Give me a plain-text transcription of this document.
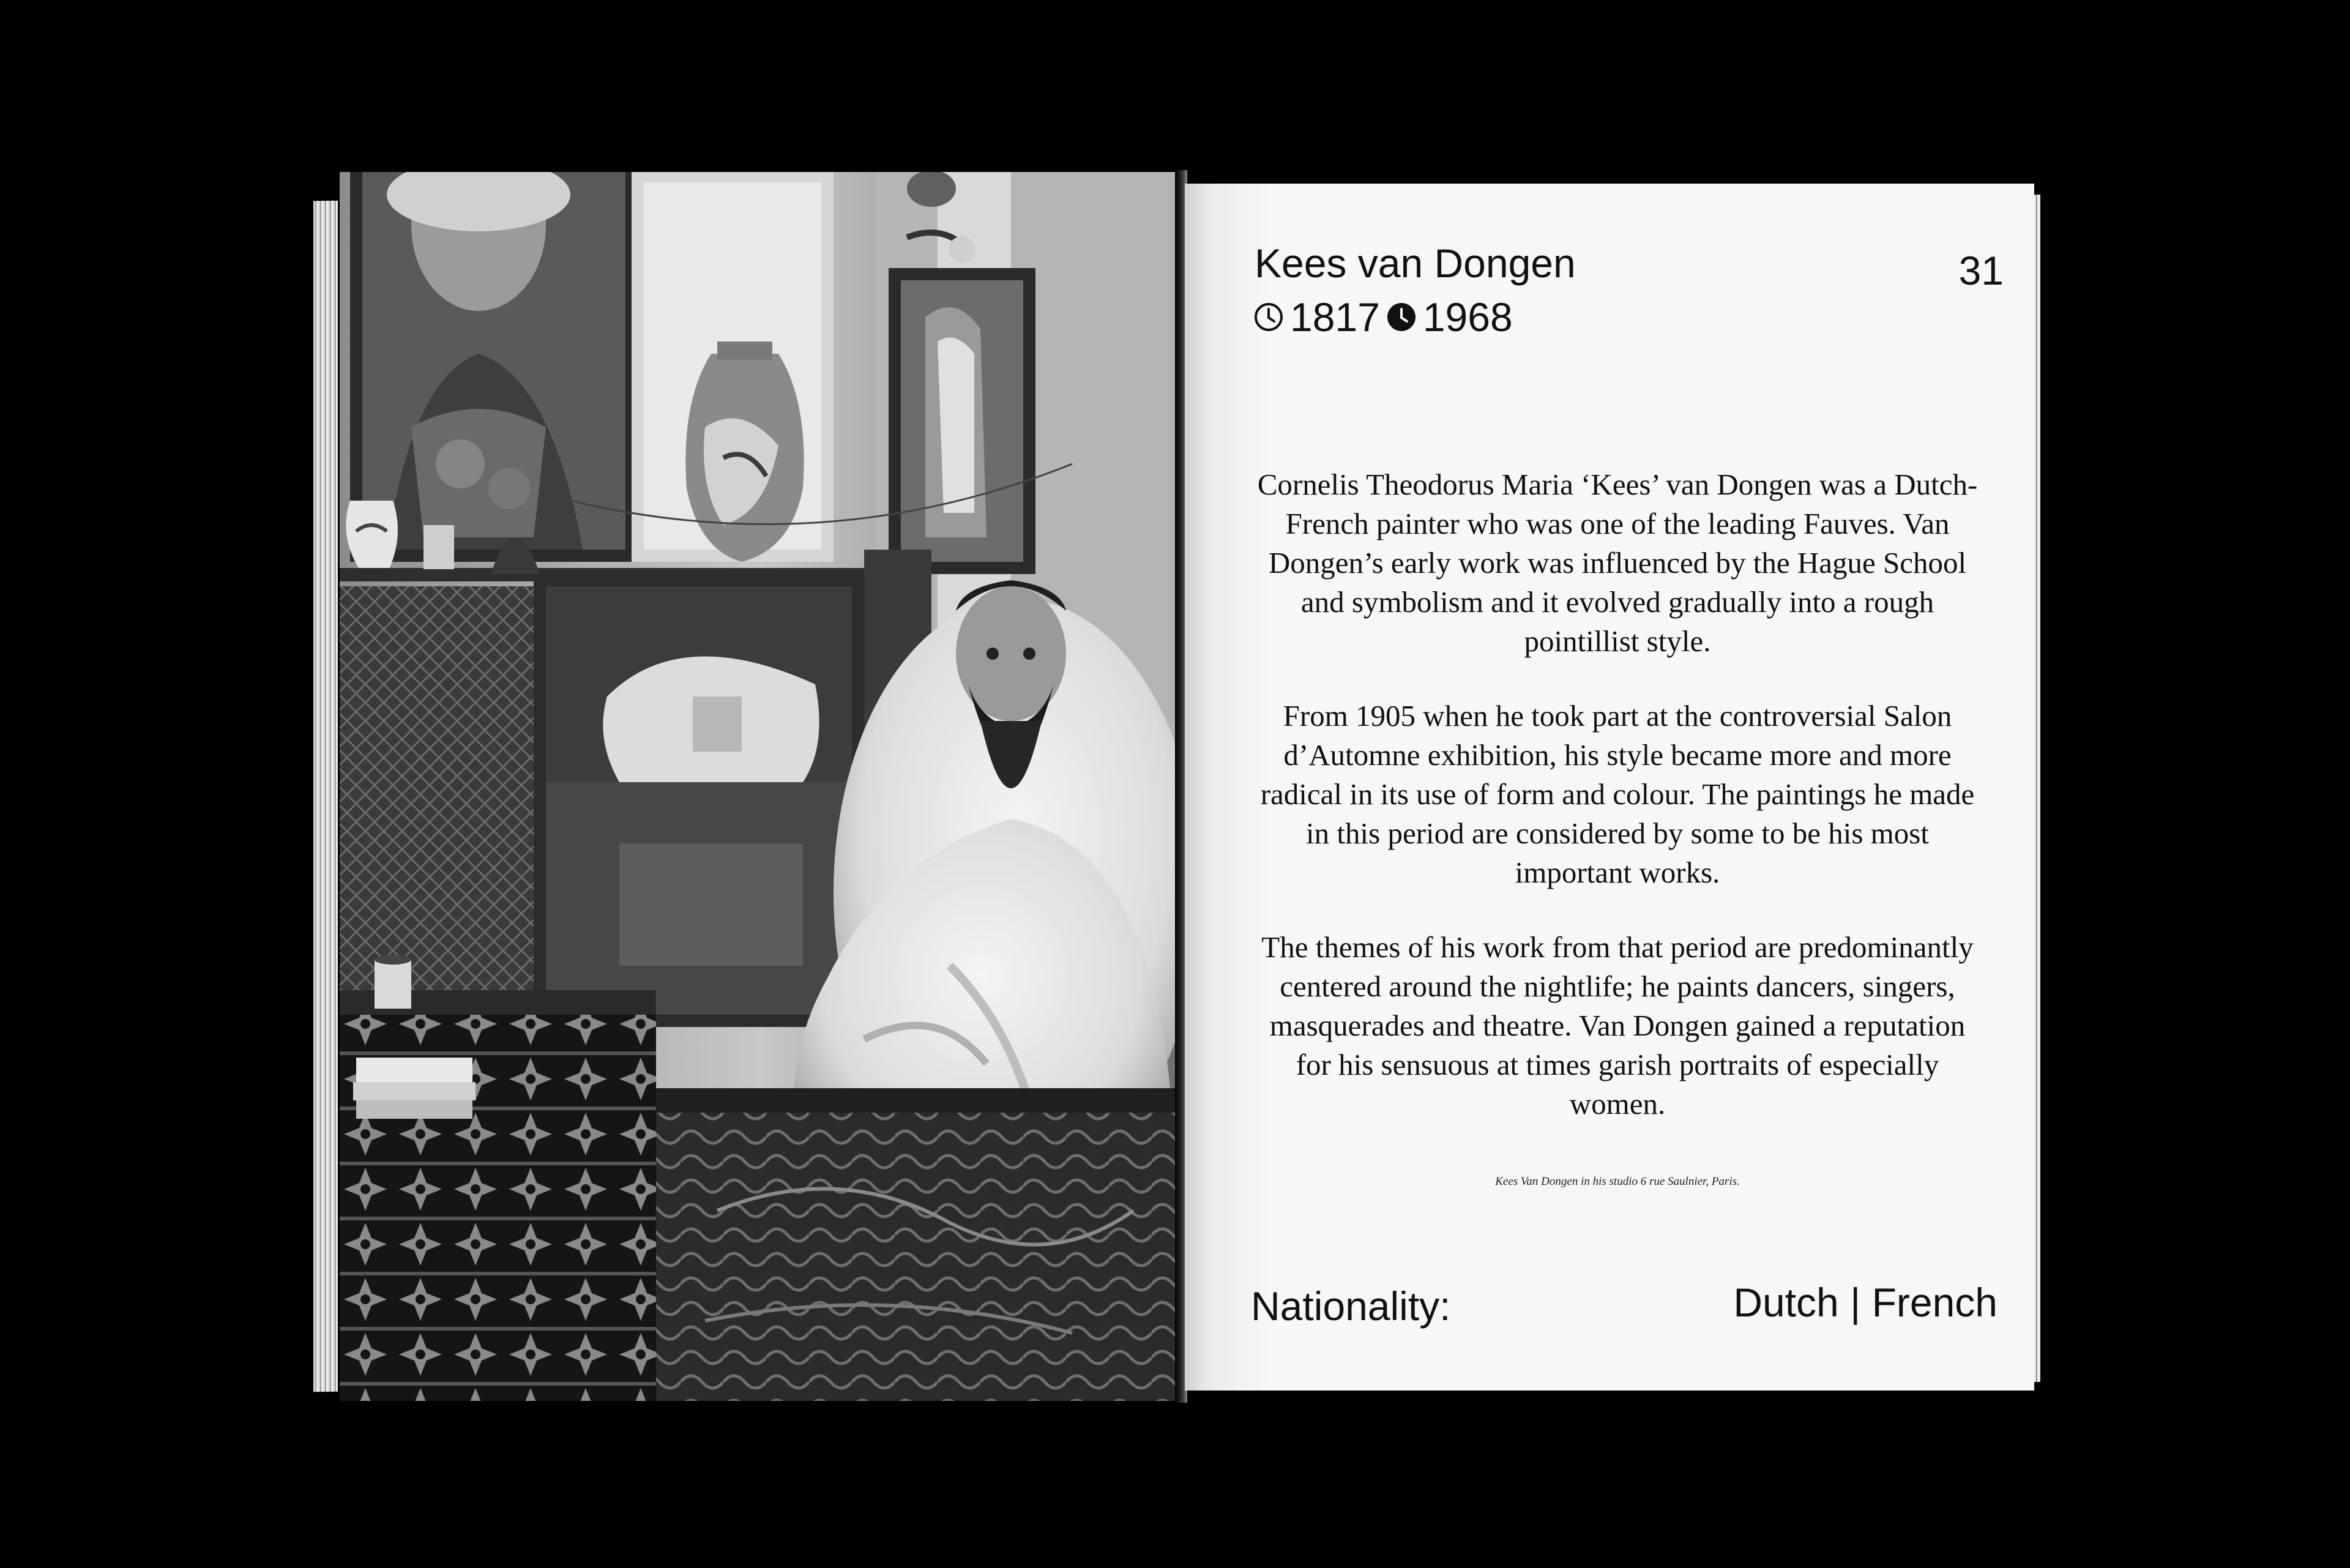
Kees van Dongen
1817 1968
31

Cornelis Theodorus Maria ‘Kees’ van Dongen was a Dutch-French painter who was one of the leading Fauves. Van Dongen’s early work was influenced by the Hague School and symbolism and it evolved gradually into a rough pointillist style.

From 1905 when he took part at the controversial Salon d’Automne exhibition, his style became more and more radical in its use of form and colour. The paintings he made in this period are considered by some to be his most important works.

The themes of his work from that period are predominantly centered around the nightlife; he paints dancers, singers, masquerades and theatre. Van Dongen gained a reputation for his sensuous at times garish portraits of especially women.

Kees Van Dongen in his studio 6 rue Saulnier, Paris.
Nationality:	Dutch | French
